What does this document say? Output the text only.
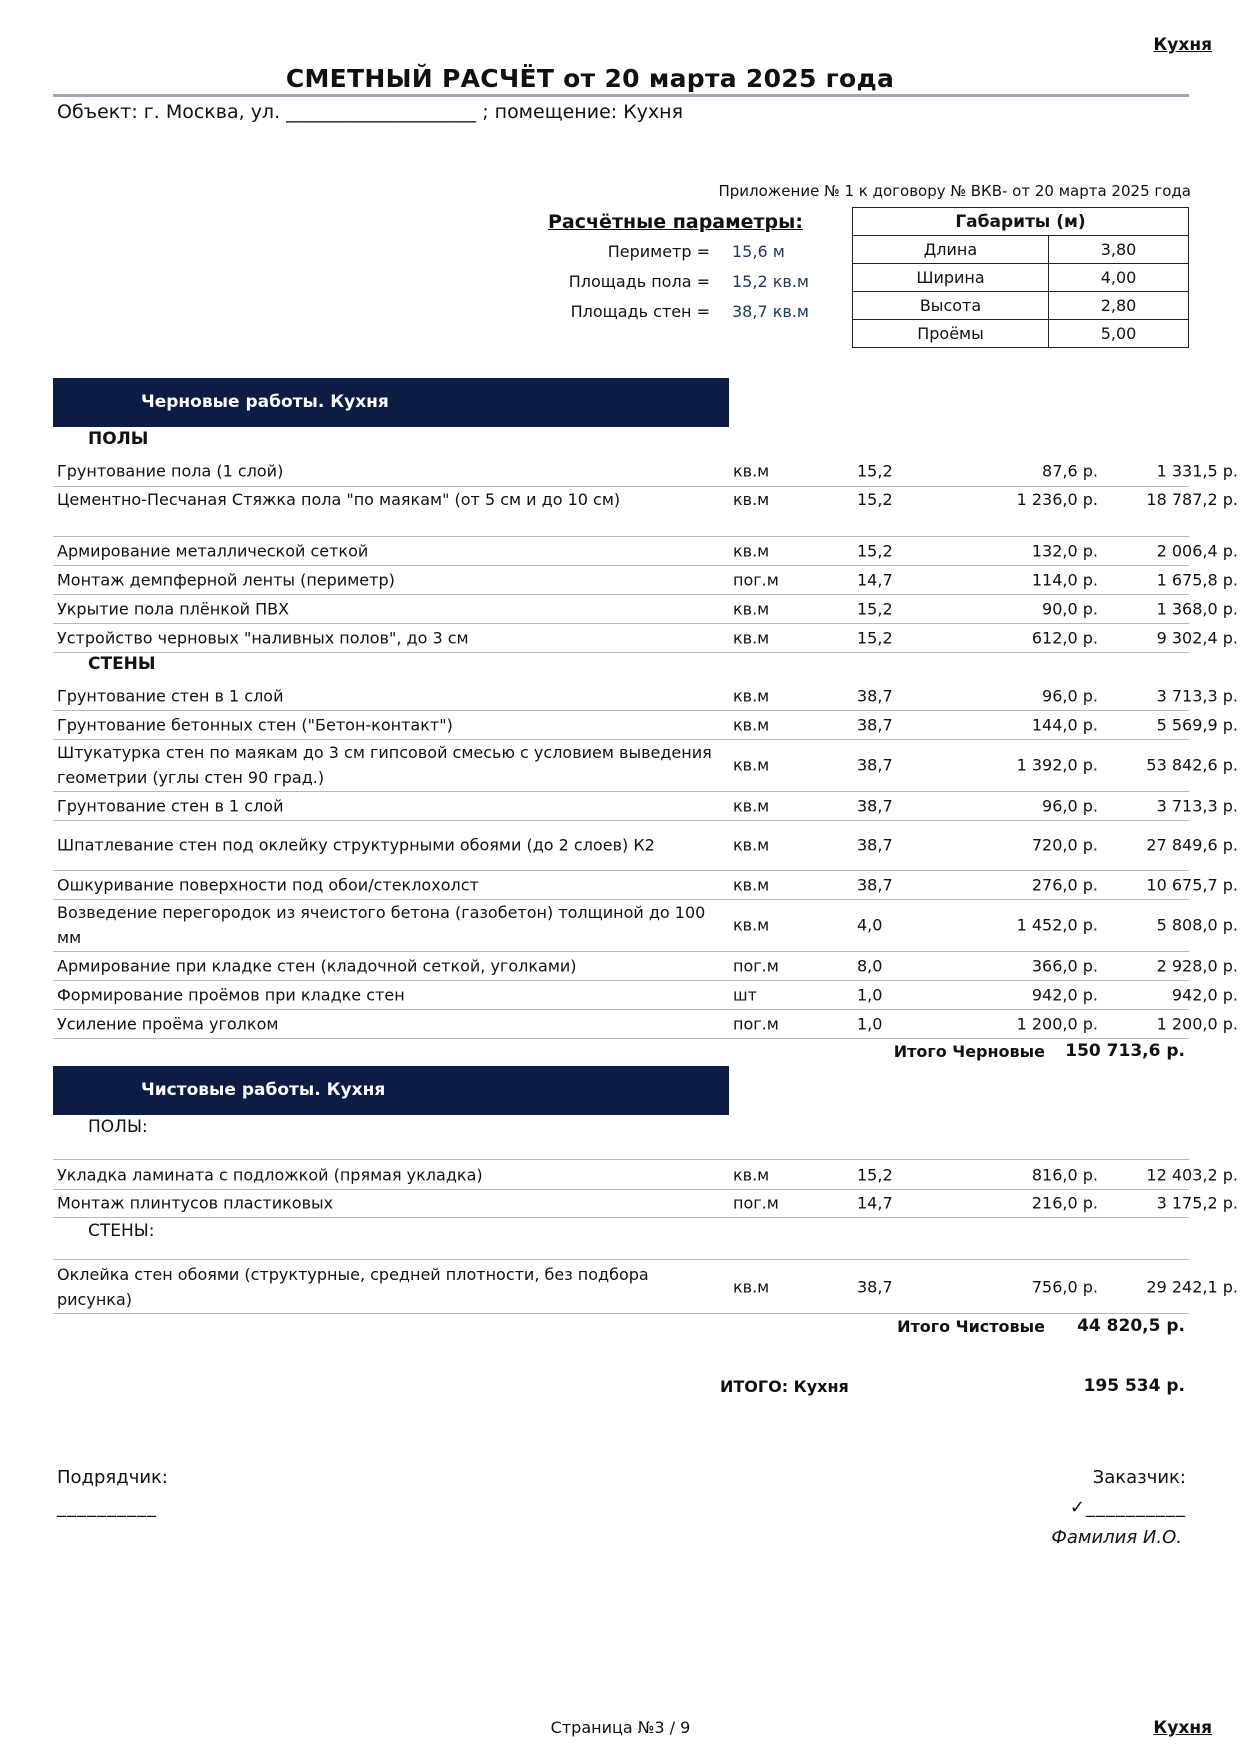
Кухня
СМЕТНЫЙ РАСЧЁТ от 20 марта 2025 года
Объект: г. Москва, ул. ____________________ ; помещение: Кухня
Приложение № 1 к договору № ВКВ- от 20 марта 2025 года
Расчётные параметры:
Периметр = 15,6 м
Площадь пола = 15,2 кв.м
Площадь стен = 38,7 кв.м
Габариты (м)	
Длина	3,80
Ширина	4,00
Высота	2,80
Проёмы	5,00
Черновые работы. Кухня
ПОЛЫ
Грунтование пола (1 слой)	кв.м	15,2	87,6 р.	1 331,5 р.
Цементно-Песчаная Стяжка пола "по маякам" (от 5 см и до 10 см)	кв.м	15,2	1 236,0 р.	18 787,2 р.
Армирование металлической сеткой	кв.м	15,2	132,0 р.	2 006,4 р.
Монтаж демпферной ленты (периметр)	пог.м	14,7	114,0 р.	1 675,8 р.
Укрытие пола плёнкой ПВХ	кв.м	15,2	90,0 р.	1 368,0 р.
Устройство черновых "наливных полов", до 3 см	кв.м	15,2	612,0 р.	9 302,4 р.
СТЕНЫ
Грунтование стен в 1 слой	кв.м	38,7	96,0 р.	3 713,3 р.
Грунтование бетонных стен ("Бетон-контакт")	кв.м	38,7	144,0 р.	5 569,9 р.
Штукатурка стен по маякам до 3 см гипсовой смесью с условием выведения геометрии (углы стен 90 град.)
кв.м	38,7	1 392,0 р.	53 842,6 р.
Грунтование стен в 1 слой	кв.м	38,7	96,0 р.	3 713,3 р.
Шпатлевание стен под оклейку структурными обоями (до 2 слоев) К2	кв.м	38,7	720,0 р.	27 849,6 р.
Ошкуривание поверхности под обои/стеклохолст	кв.м	38,7	276,0 р.	10 675,7 р.
Возведение перегородок из ячеистого бетона (газобетон) толщиной до 100 мм
кв.м	4,0	1 452,0 р.	5 808,0 р.
Армирование при кладке стен (кладочной сеткой, уголками)	пог.м	8,0	366,0 р.	2 928,0 р.
Формирование проёмов при кладке стен	шт	1,0	942,0 р.	942,0 р.
Усиление проёма уголком	пог.м	1,0	1 200,0 р.	1 200,0 р.
Итого Черновые	150 713,6 р.
Чистовые работы. Кухня
ПОЛЫ:
Укладка ламината с подложкой (прямая укладка)	кв.м	15,2	816,0 р.	12 403,2 р.
Монтаж плинтусов пластиковых	пог.м	14,7	216,0 р.	3 175,2 р.
СТЕНЫ:
Оклейка стен обоями (структурные, средней плотности, без подбора рисунка)
кв.м	38,7	756,0 р.	29 242,1 р.
Итого Чистовые	44 820,5 р.
ИТОГО: Кухня	195 534 р.
Подрядчик:
__________
Заказчик:
✓__________
Фамилия И.О.
Страница №3 / 9	Кухня
